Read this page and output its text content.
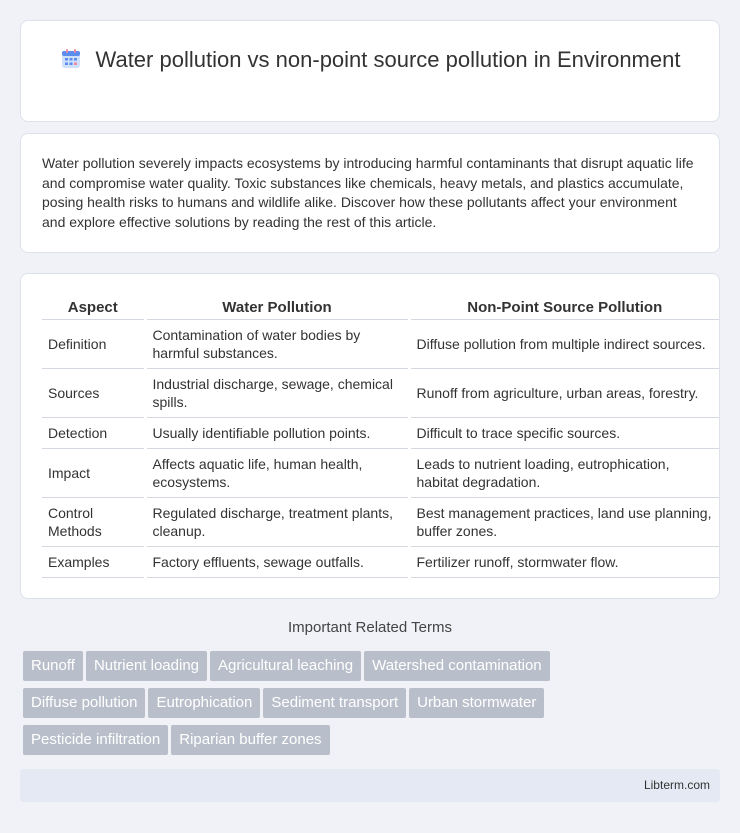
Water pollution vs non-point source pollution in Environment

Water pollution severely impacts ecosystems by introducing harmful contaminants that disrupt aquatic life and compromise water quality. Toxic substances like chemicals, heavy metals, and plastics accumulate, posing health risks to humans and wildlife alike. Discover how these pollutants affect your environment and explore effective solutions by reading the rest of this article.

Aspect	Water Pollution	Non-Point Source Pollution
Definition	Contamination of water bodies by harmful substances.	Diffuse pollution from multiple indirect sources.
Sources	Industrial discharge, sewage, chemical spills.	Runoff from agriculture, urban areas, forestry.
Detection	Usually identifiable pollution points.	Difficult to trace specific sources.
Impact	Affects aquatic life, human health, ecosystems.	Leads to nutrient loading, eutrophication, habitat degradation.
Control Methods	Regulated discharge, treatment plants, cleanup.	Best management practices, land use planning, buffer zones.
Examples	Factory effluents, sewage outfalls.	Fertilizer runoff, stormwater flow.
Important Related Terms
Runoff Nutrient loading Agricultural leaching Watershed contamination
Diffuse pollution Eutrophication Sediment transport Urban stormwater
Pesticide infiltration Riparian buffer zones
Libterm.com
